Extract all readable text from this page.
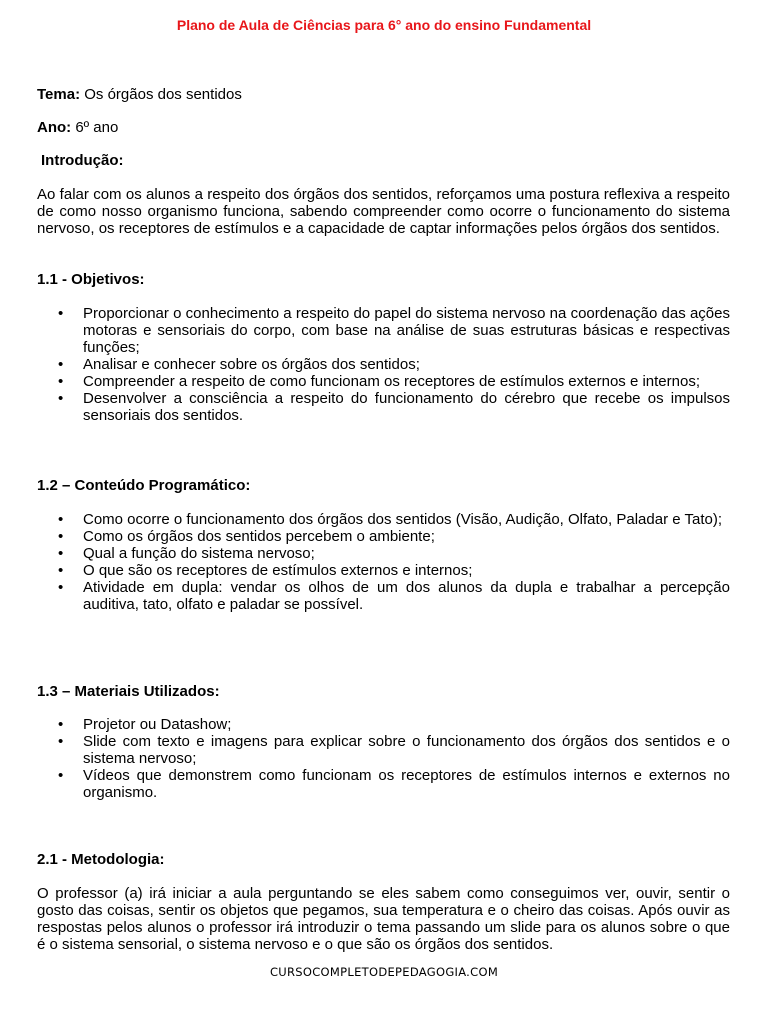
Plano de Aula de Ciências para 6° ano do ensino Fundamental
Tema: Os órgãos dos sentidos
Ano: 6º ano
Introdução:
Ao falar com os alunos a respeito dos órgãos dos sentidos, reforçamos uma postura reflexiva a respeito de como nosso organismo funciona, sabendo compreender como ocorre o funcionamento do sistema nervoso, os receptores de estímulos e a capacidade de captar informações pelos órgãos dos sentidos.
1.1 - Objetivos:
• Proporcionar o conhecimento a respeito do papel do sistema nervoso na coordenação das ações motoras e sensoriais do corpo, com base na análise de suas estruturas básicas e respectivas funções;
• Analisar e conhecer sobre os órgãos dos sentidos;
• Compreender a respeito de como funcionam os receptores de estímulos externos e internos;
• Desenvolver a consciência a respeito do funcionamento do cérebro que recebe os impulsos sensoriais dos sentidos.
1.2 – Conteúdo Programático:
• Como ocorre o funcionamento dos órgãos dos sentidos (Visão, Audição, Olfato, Paladar e Tato);
• Como os órgãos dos sentidos percebem o ambiente;
• Qual a função do sistema nervoso;
• O que são os receptores de estímulos externos e internos;
• Atividade em dupla: vendar os olhos de um dos alunos da dupla e trabalhar a percepção auditiva, tato, olfato e paladar se possível.
1.3 – Materiais Utilizados:
• Projetor ou Datashow;
• Slide com texto e imagens para explicar sobre o funcionamento dos órgãos dos sentidos e o sistema nervoso;
• Vídeos que demonstrem como funcionam os receptores de estímulos internos e externos no organismo.
2.1 - Metodologia:
O professor (a) irá iniciar a aula perguntando se eles sabem como conseguimos ver, ouvir, sentir o gosto das coisas, sentir os objetos que pegamos, sua temperatura e o cheiro das coisas. Após ouvir as respostas pelos alunos o professor irá introduzir o tema passando um slide para os alunos sobre o que é o sistema sensorial, o sistema nervoso e o que são os órgãos dos sentidos.
CURSOCOMPLETODEPEDAGOGIA.COM
